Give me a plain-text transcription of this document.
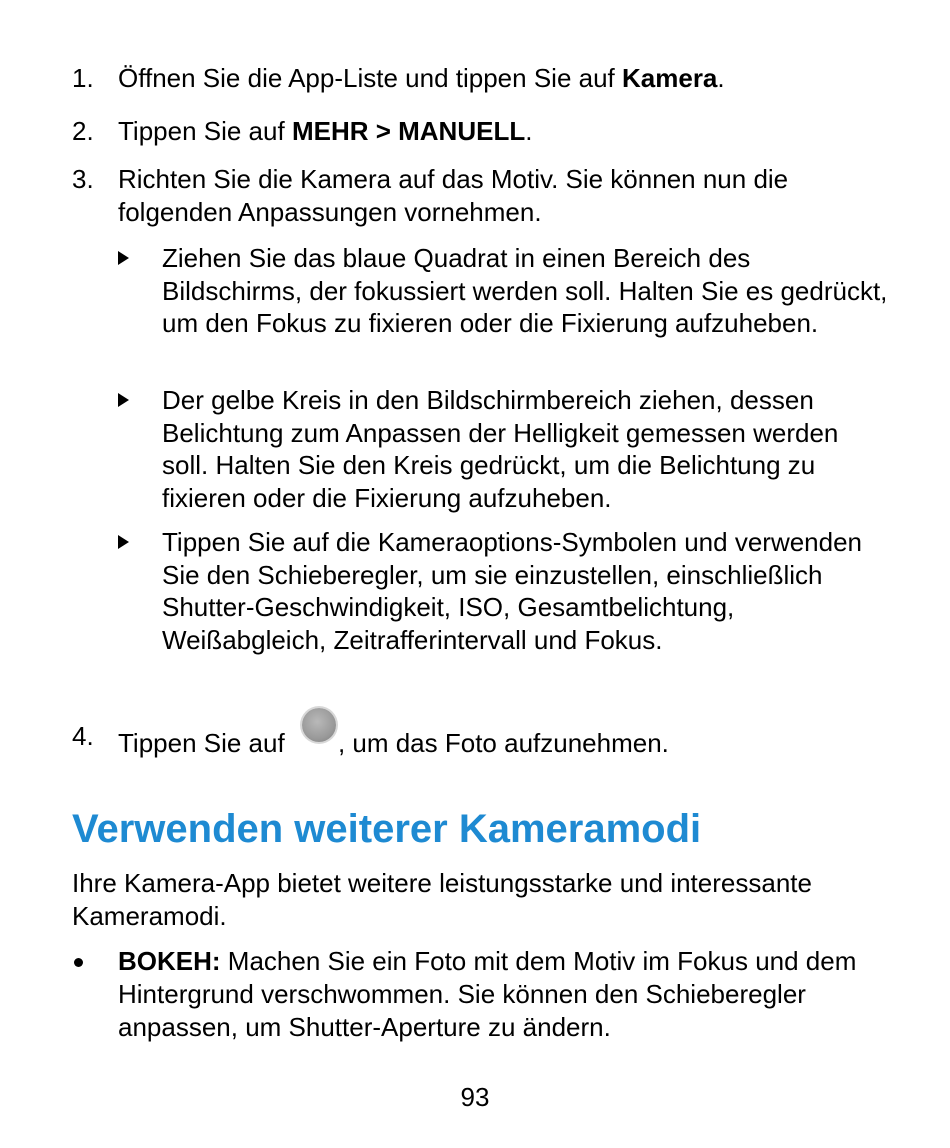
1. Öffnen Sie die App-Liste und tippen Sie auf Kamera.
2. Tippen Sie auf MEHR > MANUELL.
3. Richten Sie die Kamera auf das Motiv. Sie können nun die folgenden Anpassungen vornehmen.
Ziehen Sie das blaue Quadrat in einen Bereich des Bildschirms, der fokussiert werden soll. Halten Sie es gedrückt, um den Fokus zu fixieren oder die Fixierung aufzuheben.
Der gelbe Kreis in den Bildschirmbereich ziehen, dessen Belichtung zum Anpassen der Helligkeit gemessen werden soll. Halten Sie den Kreis gedrückt, um die Belichtung zu fixieren oder die Fixierung aufzuheben.
Tippen Sie auf die Kameraoptions-Symbolen und verwenden Sie den Schieberegler, um sie einzustellen, einschließlich Shutter-Geschwindigkeit, ISO, Gesamtbelichtung, Weißabgleich, Zeitrafferintervall und Fokus.
4. Tippen Sie auf , um das Foto aufzunehmen.
Verwenden weiterer Kameramodi
Ihre Kamera-App bietet weitere leistungsstarke und interessante Kameramodi.
BOKEH: Machen Sie ein Foto mit dem Motiv im Fokus und dem Hintergrund verschwommen. Sie können den Schieberegler anpassen, um Shutter-Aperture zu ändern.
93
